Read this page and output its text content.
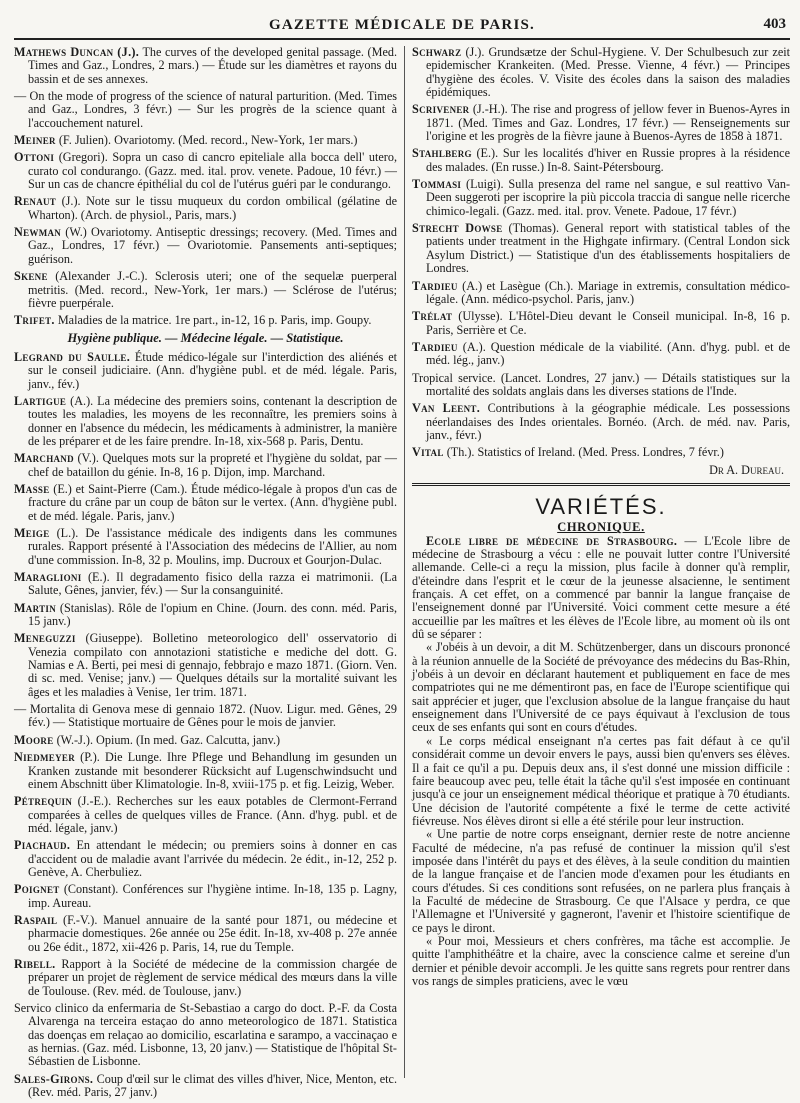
GAZETTE MÉDICALE DE PARIS.	403
Mathews Duncan (J.). The curves of the developed genital passage. (Med. Times and Gaz., Londres, 2 mars.) — Étude sur les diamètres et rayons du bassin et de ses annexes.
— On the mode of progress of the science of natural parturition. (Med. Times and Gaz., Londres, 3 févr.) — Sur les progrès de la science quant à l'accouchement naturel.
Meiner (F. Julien). Ovariotomy. (Med. record., New-York, 1er mars.)
Ottoni (Gregori). Sopra un caso di cancro epiteliale alla bocca dell' utero, curato col condurango. (Gazz. med. ital. prov. venete. Padoue, 10 févr.) — Sur un cas de chancre épithélial du col de l'utérus guéri par le condurango.
Renaut (J.). Note sur le tissu muqueux du cordon ombilical (gélatine de Wharton). (Arch. de physiol., Paris, mars.)
Newman (W.) Ovariotomy. Antiseptic dressings; recovery. (Med. Times and Gaz., Londres, 17 févr.) — Ovariotomie. Pansements anti-septiques; guérison.
Skene (Alexander J.-C.). Sclerosis uteri; one of the sequelæ puerperal metritis. (Med. record., New-York, 1er mars.) — Sclérose de l'utérus; fièvre puerpérale.
Trifet. Maladies de la matrice. 1re part., in-12, 16 p. Paris, imp. Goupy.
Hygiène publique. — Médecine légale. — Statistique.
Legrand du Saulle. Étude médico-légale sur l'interdiction des aliénés et sur le conseil judiciaire. (Ann. d'hygiène publ. et de méd. légale. Paris, janv., fév.)
Lartigue (A.). La médecine des premiers soins, contenant la description de toutes les maladies, les moyens de les reconnaître, les premiers soins à donner en l'absence du médecin, les médicaments à administrer, la manière de les préparer et de les faire prendre. In-18, xix-568 p. Paris, Dentu.
Marchand (V.). Quelques mots sur la propreté et l'hygiène du soldat, par — chef de bataillon du génie. In-8, 16 p. Dijon, imp. Marchand.
Masse (E.) et Saint-Pierre (Cam.). Étude médico-légale à propos d'un cas de fracture du crâne par un coup de bâton sur le vertex. (Ann. d'hygiène publ. et de méd. légale. Paris, janv.)
Meige (L.). De l'assistance médicale des indigents dans les communes rurales. Rapport présenté à l'Association des médecins de l'Allier, au nom d'une commission. In-8, 32 p. Moulins, imp. Ducroux et Gourjon-Dulac.
Maraglioni (E.). Il degradamento fisico della razza ei matrimonii. (La Salute, Gênes, janvier, fév.) — Sur la consanguinité.
Martin (Stanislas). Rôle de l'opium en Chine. (Journ. des conn. méd. Paris, 15 janv.)
Meneguzzi (Giuseppe). Bolletino meteorologico dell' osservatorio di Venezia compilato con annotazioni statistiche e mediche del dott. G. Namias e A. Berti, pei mesi di gennajo, febbrajo e mazo 1871. (Giorn. Ven. di sc. med. Venise; janv.) — Quelques détails sur la mortalité suivant les âges et les maladies à Venise, 1er trim. 1871.
— Mortalita di Genova mese di gennaio 1872. (Nuov. Ligur. med. Gênes, 29 fév.) — Statistique mortuaire de Gênes pour le mois de janvier.
Moore (W.-J.). Opium. (In med. Gaz. Calcutta, janv.)
Niedmeyer (P.). Die Lunge. Ihre Pflege und Behandlung im gesunden un Kranken zustande mit besonderer Rücksicht auf Lugenschwindsucht und einem Abschnitt über Klimatologie. In-8, xviii-175 p. et fig. Leizig, Weber.
Pétrequin (J.-E.). Recherches sur les eaux potables de Clermont-Ferrand comparées à celles de quelques villes de France. (Ann. d'hyg. publ. et de méd. légale, janv.)
Piachaud. En attendant le médecin; ou premiers soins à donner en cas d'accident ou de maladie avant l'arrivée du médecin. 2e édit., in-12, 252 p. Genève, A. Cherbuliez.
Poignet (Constant). Conférences sur l'hygiène intime. In-18, 135 p. Lagny, imp. Aureau.
Raspail (F.-V.). Manuel annuaire de la santé pour 1871, ou médecine et pharmacie domestiques. 26e année ou 25e édit. In-18, xv-408 p. 27e année ou 26e édit., 1872, xii-426 p. Paris, 14, rue du Temple.
Ribell. Rapport à la Société de médecine de la commission chargée de préparer un projet de règlement de service médical des mœurs dans la ville de Toulouse. (Rev. méd. de Toulouse, janv.)
Servico clinico da enfermaria de St-Sebastiao a cargo do doct. P.-F. da Costa Alvarenga na terceira estaçao do anno meteorologico de 1871. Statistica das doenças em relaçao ao domicilio, escarlatina e sarampo, a vaccinaçao e as hernias. (Gaz. méd. Lisbonne, 13, 20 janv.) — Statistique de l'hôpital St-Sébastien de Lisbonne.
Sales-Girons. Coup d'œil sur le climat des villes d'hiver, Nice, Menton, etc. (Rev. méd. Paris, 27 janv.)
Schwarz (J.). Grundsætze der Schul-Hygiene. V. Der Schulbesuch zur zeit epidemischer Krankeiten. (Med. Presse. Vienne, 4 févr.) — Principes d'hygiène des écoles. V. Visite des écoles dans la saison des maladies épidémiques.
Scrivener (J.-H.). The rise and progress of jellow fever in Buenos-Ayres in 1871. (Med. Times and Gaz. Londres, 17 févr.) — Renseignements sur l'origine et les progrès de la fièvre jaune à Buenos-Ayres de 1858 à 1871.
Stahlberg (E.). Sur les localités d'hiver en Russie propres à la résidence des malades. (En russe.) In-8. Saint-Pétersbourg.
Tommasi (Luigi). Sulla presenza del rame nel sangue, e sul reattivo Van-Deen suggeroti per iscoprire la più piccola traccia di sangue nelle ricerche chimico-legali. (Gazz. med. ital. prov. Venete. Padoue, 17 févr.)
Strecht Dowse (Thomas). General report with statistical tables of the patients under treatment in the Highgate infirmary. (Central London sick Asylum District.) — Statistique d'un des établissements hospitaliers de Londres.
Tardieu (A.) et Lasègue (Ch.). Mariage in extremis, consultation médico-légale. (Ann. médico-psychol. Paris, janv.)
Trélat (Ulysse). L'Hôtel-Dieu devant le Conseil municipal. In-8, 16 p. Paris, Serrière et Ce.
Tardieu (A.). Question médicale de la viabilité. (Ann. d'hyg. publ. et de méd. lég., janv.)
Tropical service. (Lancet. Londres, 27 janv.) — Détails statistiques sur la mortalité des soldats anglais dans les diverses stations de l'Inde.
Van Leent. Contributions à la géographie médicale. Les possessions néerlandaises des Indes orientales. Bornéo. (Arch. de méd. nav. Paris, janv., févr.)
Vital (Th.). Statistics of Ireland. (Med. Press. Londres, 7 févr.)
Dr A. Dureau.
VARIÉTÉS.
CHRONIQUE.

Ecole libre de médecine de Strasbourg. — L'Ecole libre de médecine de Strasbourg a vécu : elle ne pouvait lutter contre l'Université allemande. Celle-ci a reçu la mission, plus facile à donner qu'à remplir, d'éteindre dans l'esprit et le cœur de la jeunesse alsacienne, le sentiment français. A cet effet, on a commencé par bannir la langue française de l'enseignement donné par l'Université. Voici comment cette mesure a été accueillie par les maîtres et les élèves de l'Ecole libre, au moment où ils ont dû se séparer :

« J'obéis à un devoir, a dit M. Schützenberger, dans un discours prononcé à la réunion annuelle de la Société de prévoyance des médecins du Bas-Rhin, j'obéis à un devoir en déclarant hautement et publiquement en face de mes compatriotes qui ne me démentiront pas, en face de l'Europe scientifique qui sait apprécier et juger, que l'exclusion absolue de la langue française du haut enseignement dans l'Université de ce pays équivaut à l'exclusion de tous ceux de ses enfants qui sont en cours d'études.

« Le corps médical enseignant n'a certes pas fait défaut à ce qu'il considérait comme un devoir envers le pays, aussi bien qu'envers ses élèves. Il a fait ce qu'il a pu. Depuis deux ans, il s'est donné une mission difficile : faire beaucoup avec peu, telle était la tâche qu'il s'est imposée en continuant jusqu'à ce jour un enseignement médical théorique et pratique à 70 étudiants. Une décision de l'autorité compétente a fixé le terme de cette activité fiévreuse. Nos élèves diront si elle a été stérile pour leur instruction.

« Une partie de notre corps enseignant, dernier reste de notre ancienne Faculté de médecine, n'a pas refusé de continuer la mission qu'il s'est imposée dans l'intérêt du pays et des élèves, à la seule condition du maintien de la langue française et de l'ancien mode d'examen pour les étudiants en cours d'études. Si ces conditions sont refusées, on ne parlera plus français à la Faculté de médecine de Strasbourg. Ce que l'Alsace y perdra, ce que l'Allemagne et l'Université y gagneront, l'avenir et l'histoire scientifique de ce pays le diront.

« Pour moi, Messieurs et chers confrères, ma tâche est accomplie. Je quitte l'amphithéâtre et la chaire, avec la conscience calme et sereine d'un dernier et pénible devoir accompli. Je les quitte sans regrets pour rentrer dans vos rangs de simples praticiens, avec le vœu
